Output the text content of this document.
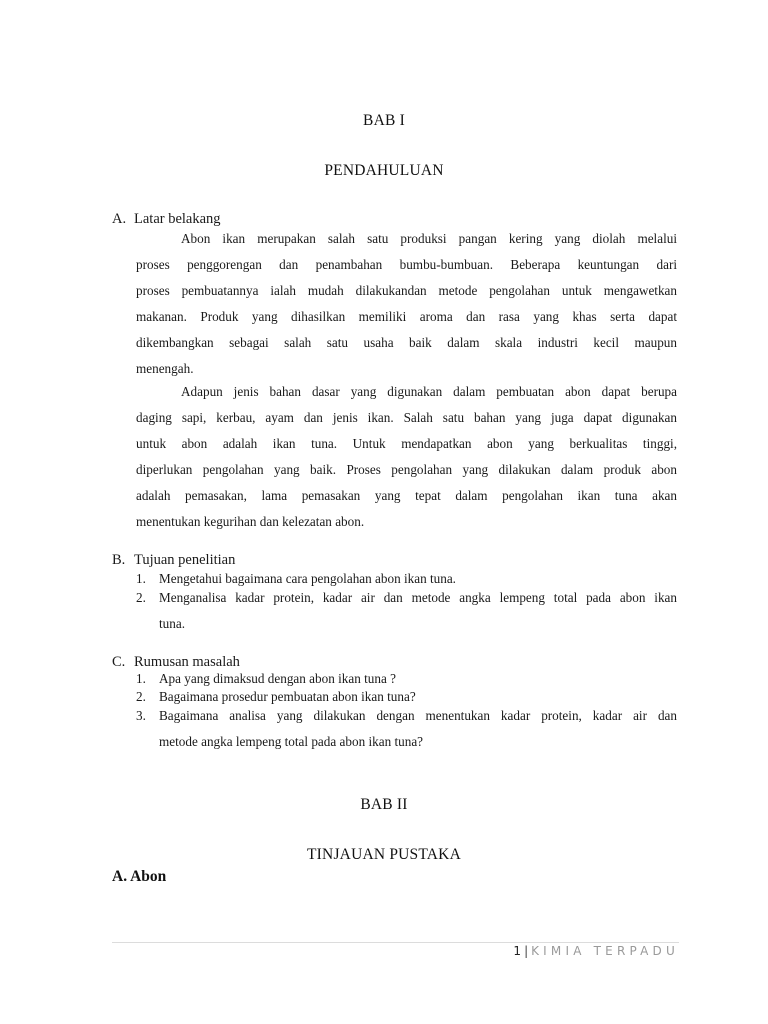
BAB I
PENDAHULUAN
A. Latar belakang
Abon ikan merupakan salah satu produksi pangan kering yang diolah melalui
proses penggorengan dan penambahan bumbu-bumbuan. Beberapa keuntungan dari
proses pembuatannya ialah mudah dilakukandan metode pengolahan untuk mengawetkan
makanan. Produk yang dihasilkan memiliki aroma dan rasa yang khas serta dapat
dikembangkan sebagai salah satu usaha baik dalam skala industri kecil maupun
menengah.
Adapun jenis bahan dasar yang digunakan dalam pembuatan abon dapat berupa
daging sapi, kerbau, ayam dan jenis ikan. Salah satu bahan yang juga dapat digunakan
untuk abon adalah ikan tuna. Untuk mendapatkan abon yang berkualitas tinggi,
diperlukan pengolahan yang baik. Proses pengolahan yang dilakukan dalam produk abon
adalah pemasakan, lama pemasakan yang tepat dalam pengolahan ikan tuna akan
menentukan kegurihan dan kelezatan abon.
B. Tujuan penelitian
1. Mengetahui bagaimana cara pengolahan abon ikan tuna.
2. Menganalisa kadar protein, kadar air dan metode angka lempeng total pada abon ikan
tuna.
C. Rumusan masalah
1. Apa yang dimaksud dengan abon ikan tuna ?
2. Bagaimana prosedur pembuatan abon ikan tuna?
3. Bagaimana analisa yang dilakukan dengan menentukan kadar protein, kadar air dan
metode angka lempeng total pada abon ikan tuna?
BAB II
TINJAUAN PUSTAKA
A. Abon
1 | KIMIA TERPADU
